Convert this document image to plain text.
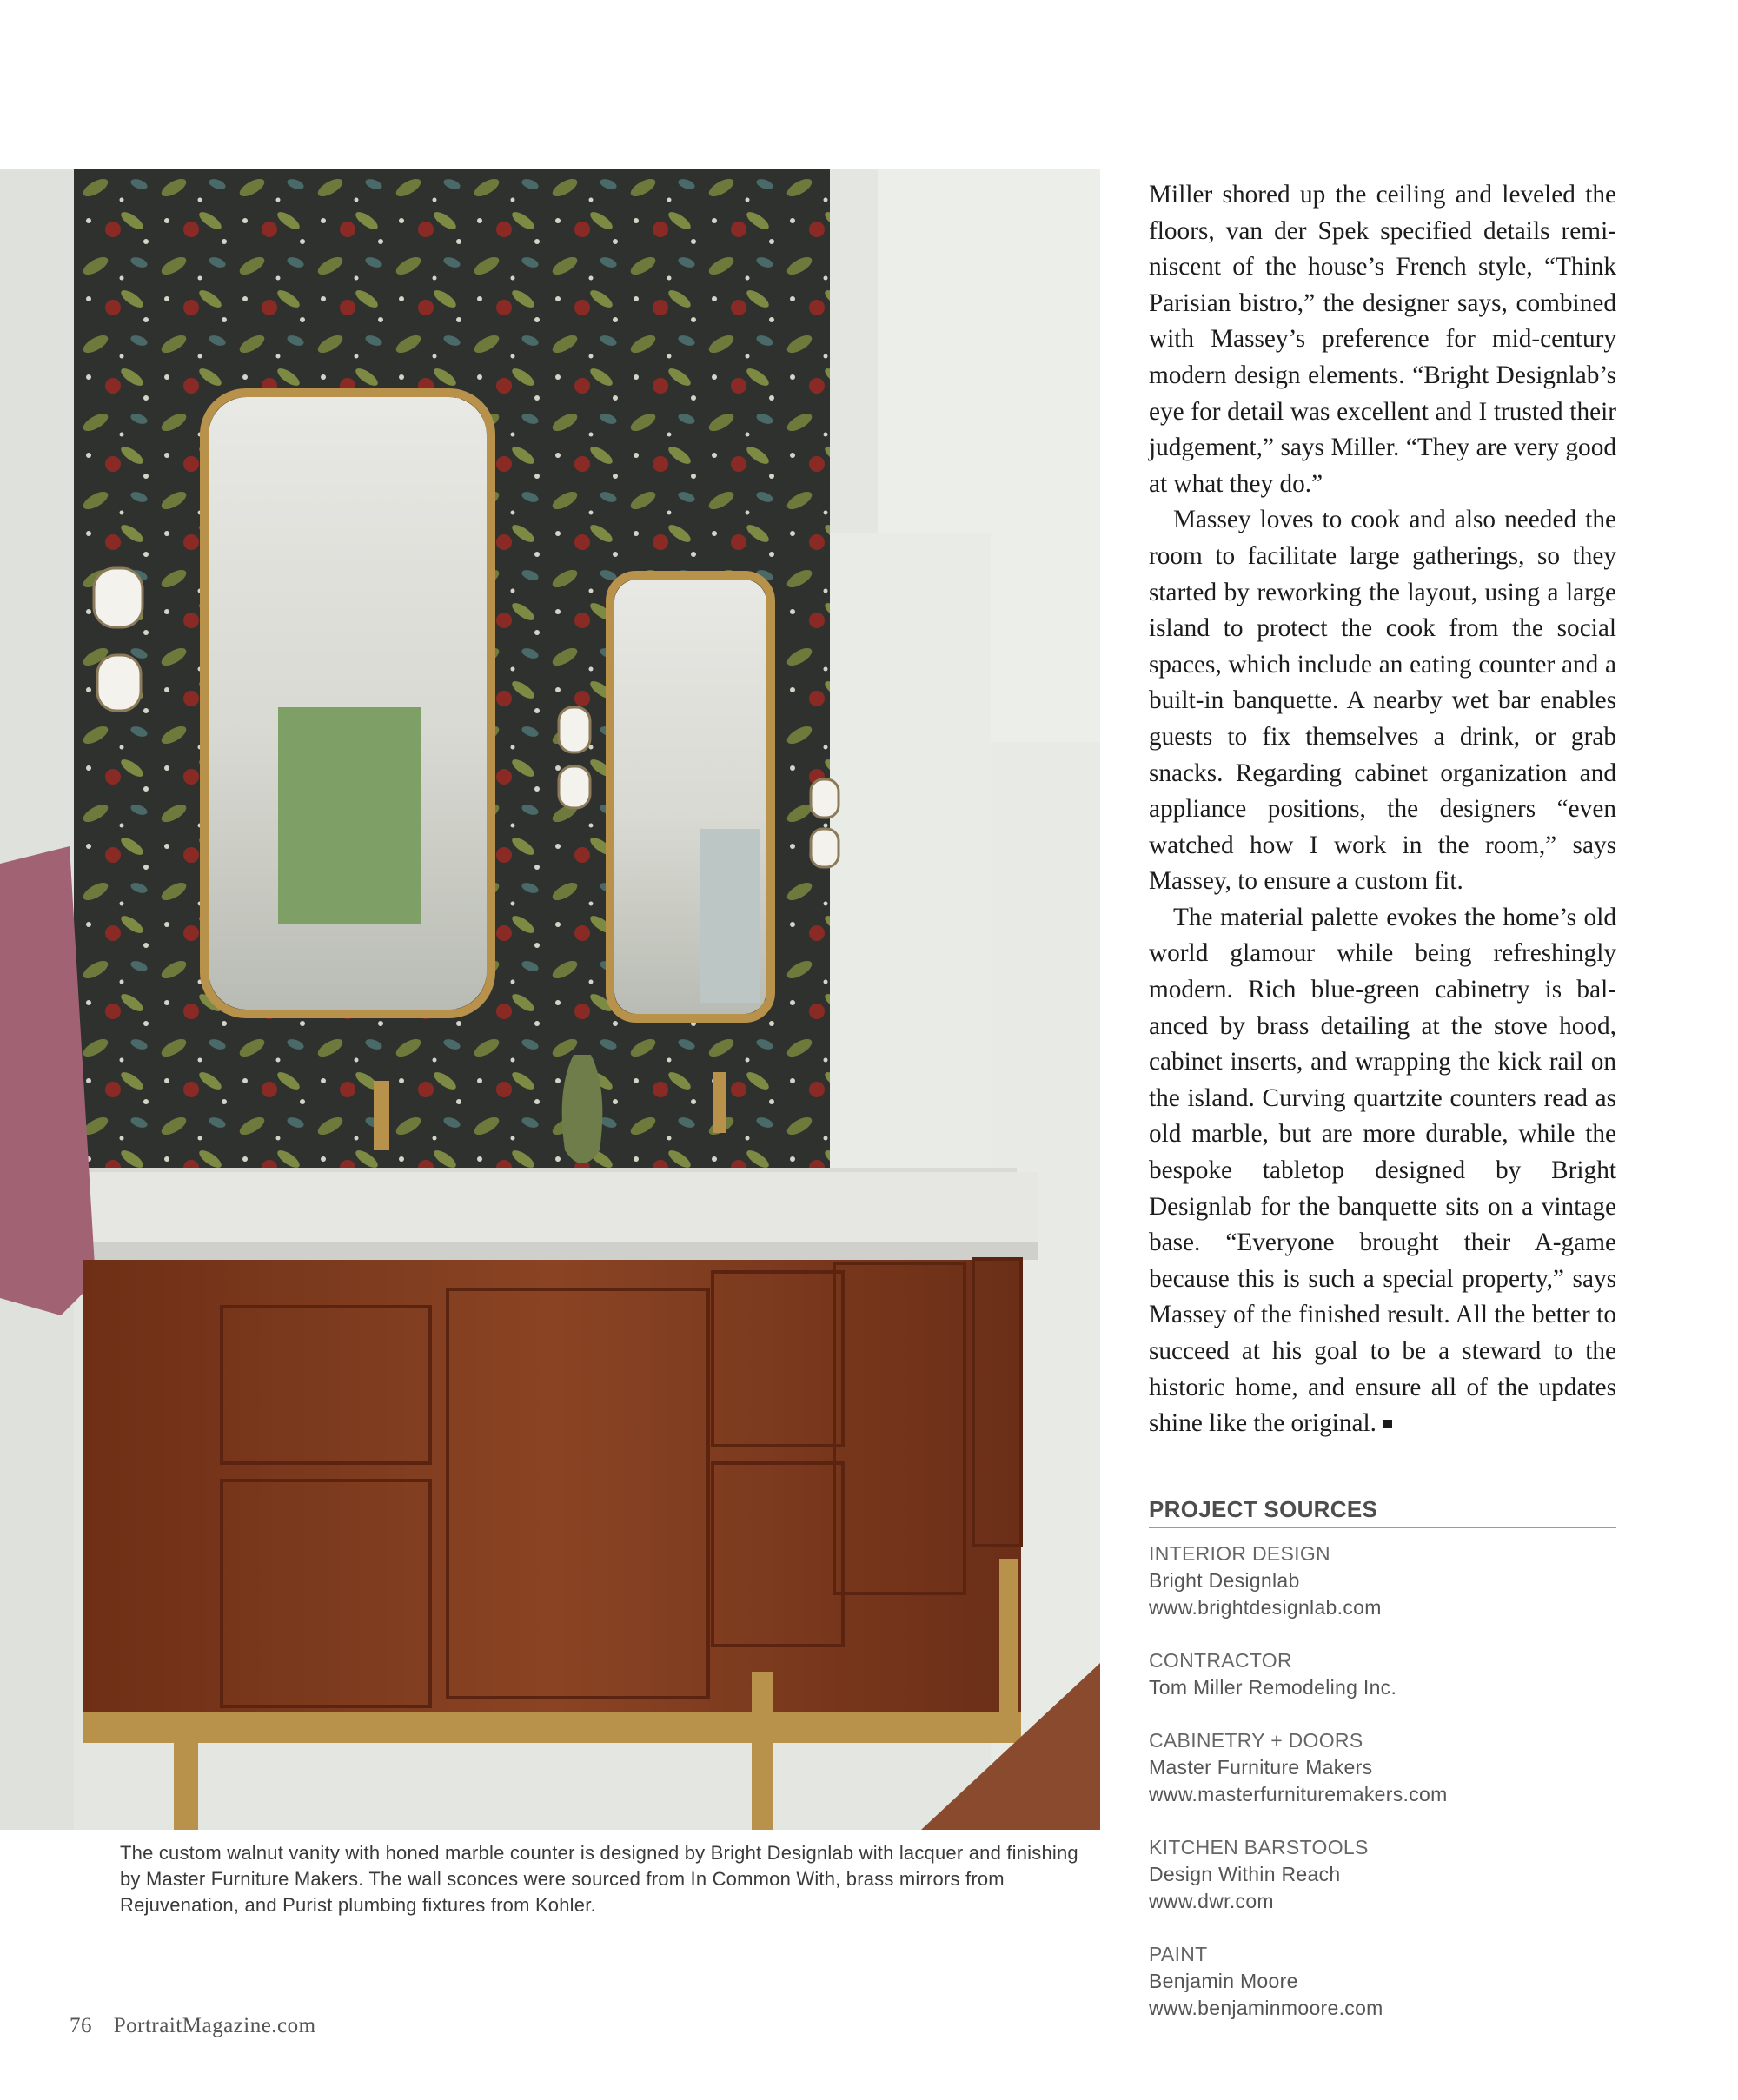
The custom walnut vanity with honed marble counter is designed by Bright Designlab with lacquer and finishing by Master Furniture Makers. The wall sconces were sourced from In Common With, brass mirrors from Rejuvenation, and Purist plumbing fixtures from Kohler.

Miller shored up the ceiling and leveled the floors, van der Spek specified details reminiscent of the house’s French style, “Think Parisian bistro,” the designer says, combined with Massey’s preference for mid-century modern design elements. “Bright Designlab’s eye for detail was excellent and I trusted their judgement,” says Miller. “They are very good at what they do.”

Massey loves to cook and also needed the room to facilitate large gatherings, so they started by reworking the layout, using a large island to protect the cook from the social spaces, which include an eating counter and a built-in banquette. A nearby wet bar enables guests to fix themselves a drink, or grab snacks. Regarding cabinet organization and appliance positions, the designers “even watched how I work in the room,” says Massey, to ensure a custom fit.

The material palette evokes the home’s old world glamour while being refreshingly modern. Rich blue-green cabinetry is balanced by brass detailing at the stove hood, cabinet inserts, and wrapping the kick rail on the island. Curving quartzite counters read as old marble, but are more durable, while the bespoke tabletop designed by Bright Designlab for the banquette sits on a vintage base. “Everyone brought their A-game because this is such a special property,” says Massey of the finished result. All the better to succeed at his goal to be a steward to the historic home, and ensure all of the updates shine like the original.

PROJECT SOURCES
INTERIOR DESIGN
Bright Designlab
www.brightdesignlab.com
CONTRACTOR
Tom Miller Remodeling Inc.
CABINETRY + DOORS
Master Furniture Makers
www.masterfurnituremakers.com
KITCHEN BARSTOOLS
Design Within Reach
www.dwr.com
PAINT
Benjamin Moore
www.benjaminmoore.com
76 PortraitMagazine.com
